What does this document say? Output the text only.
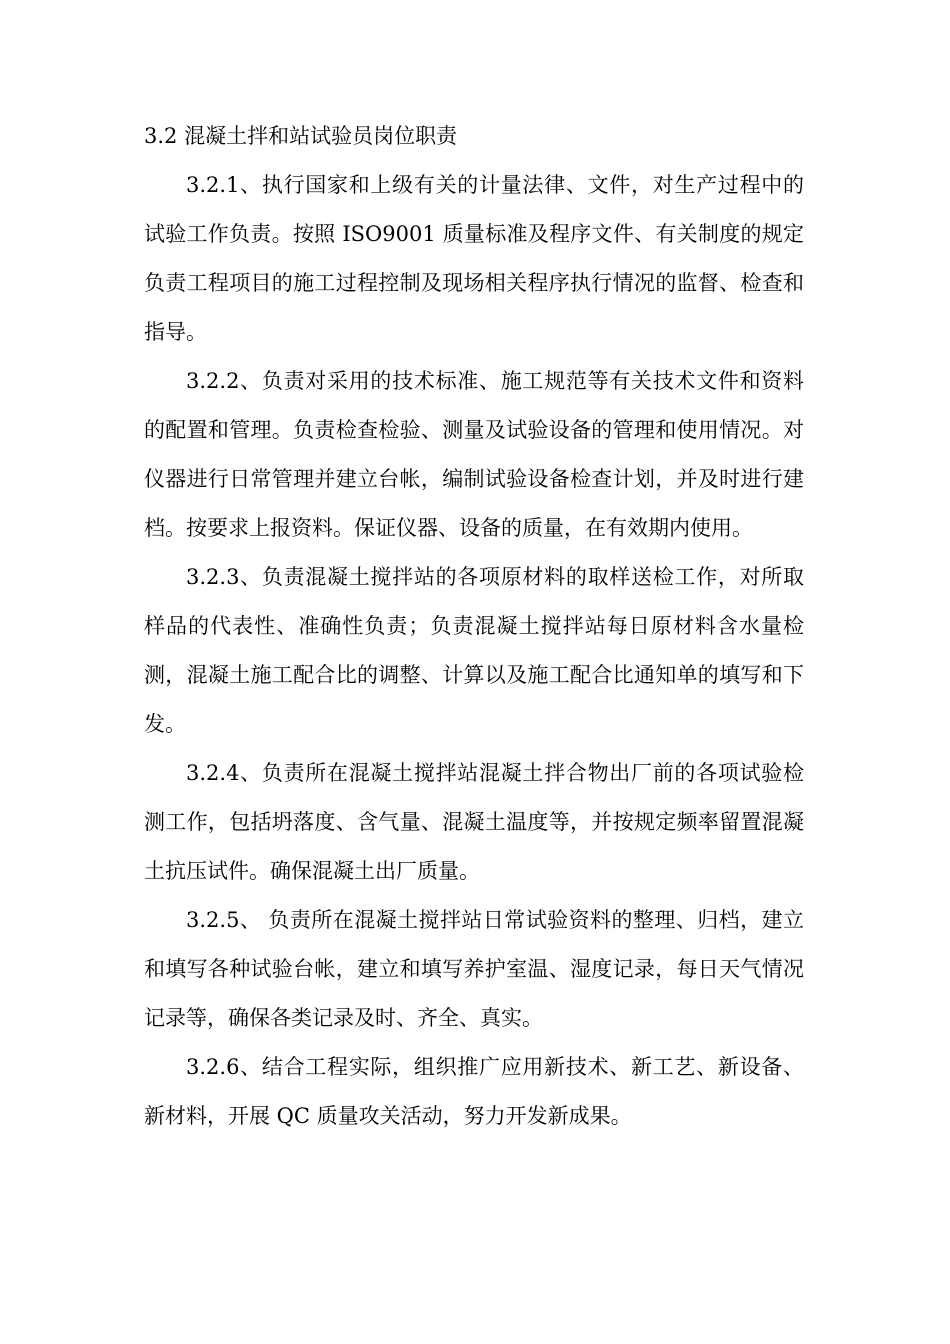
3.2 混凝土拌和站试验员岗位职责

3.2.1、执行国家和上级有关的计量法律、文件，对生产过程中的试验工作负责。按照 ISO9001 质量标准及程序文件、有关制度的规定负责工程项目的施工过程控制及现场相关程序执行情况的监督、检查和指导。

3.2.2、负责对采用的技术标准、施工规范等有关技术文件和资料的配置和管理。负责检查检验、测量及试验设备的管理和使用情况。对仪器进行日常管理并建立台帐，编制试验设备检查计划，并及时进行建档。按要求上报资料。保证仪器、设备的质量，在有效期内使用。

3.2.3、负责混凝土搅拌站的各项原材料的取样送检工作，对所取样品的代表性、准确性负责；负责混凝土搅拌站每日原材料含水量检测，混凝土施工配合比的调整、计算以及施工配合比通知单的填写和下发。

3.2.4、负责所在混凝土搅拌站混凝土拌合物出厂前的各项试验检测工作，包括坍落度、含气量、混凝土温度等，并按规定频率留置混凝土抗压试件。确保混凝土出厂质量。

3.2.5、 负责所在混凝土搅拌站日常试验资料的整理、归档，建立和填写各种试验台帐，建立和填写养护室温、湿度记录，每日天气情况记录等，确保各类记录及时、齐全、真实。

3.2.6、结合工程实际，组织推广应用新技术、新工艺、新设备、新材料，开展 QC 质量攻关活动，努力开发新成果。
